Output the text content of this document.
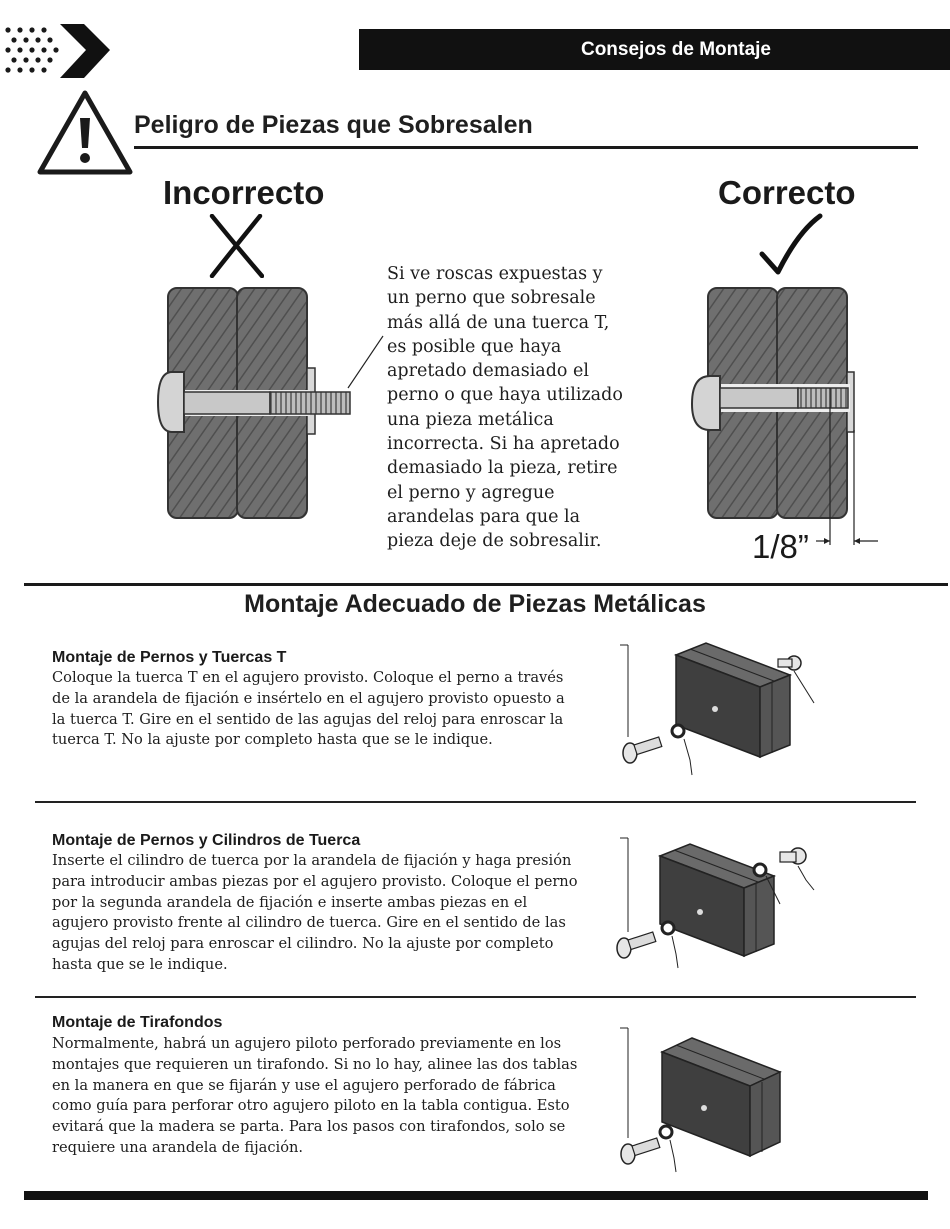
Consejos de Montaje
Peligro de Piezas que Sobresalen
Incorrecto
Si ve roscas expuestas y un perno que sobresale más allá de una tuerca T, es posible que haya apretado demasiado el perno o que haya utilizado una pieza metálica incorrecta. Si ha apretado demasiado la pieza, retire el perno y agregue arandelas para que la pieza deje de sobresalir.
Correcto
1/8”
Montaje Adecuado de Piezas Metálicas
Montaje de Pernos y Tuercas T
Coloque la tuerca T en el agujero provisto. Coloque el perno a través de la arandela de fijación e insértelo en el agujero provisto opuesto a la tuerca T. Gire en el sentido de las agujas del reloj para enroscar la tuerca T. No la ajuste por completo hasta que se le indique.
Montaje de Pernos y Cilindros de Tuerca
Inserte el cilindro de tuerca por la arandela de fijación y haga presión para introducir ambas piezas por el agujero provisto. Coloque el perno por la segunda arandela de fijación e inserte ambas piezas en el agujero provisto frente al cilindro de tuerca. Gire en el sentido de las agujas del reloj para enroscar el cilindro. No la ajuste por completo hasta que se le indique.
Montaje de Tirafondos
Normalmente, habrá un agujero piloto perforado previamente en los montajes que requieren un tirafondo. Si no lo hay, alinee las dos tablas en la manera en que se fijarán y use el agujero perforado de fábrica como guía para perforar otro agujero piloto en la tabla contigua. Esto evitará que la madera se parta. Para los pasos con tirafondos, solo se requiere una arandela de fijación.
